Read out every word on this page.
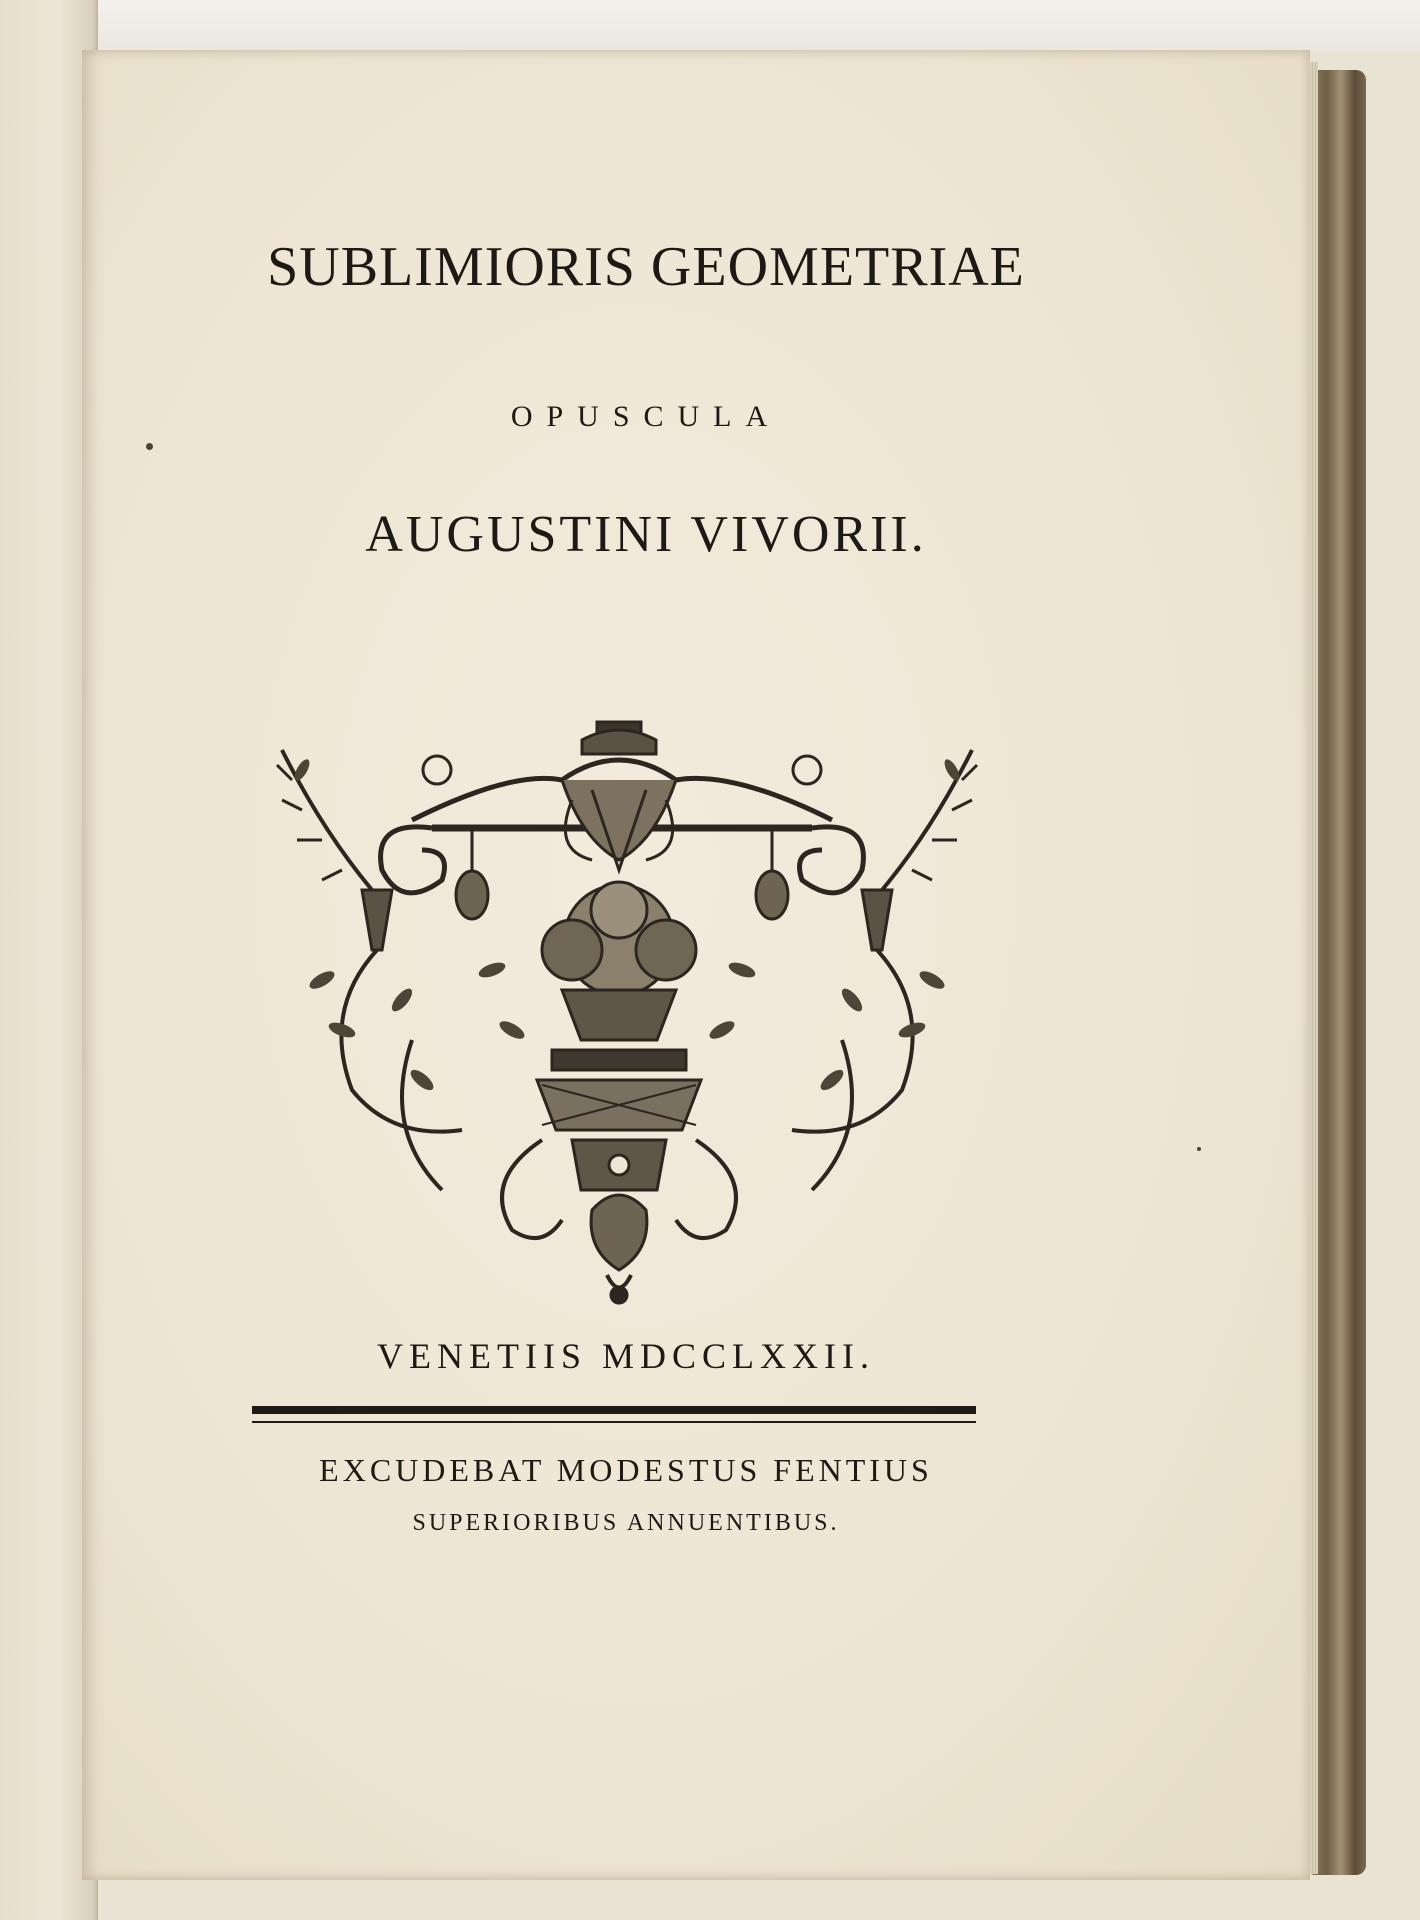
SUBLIMIORIS GEOMETRIAE
OPUSCULA
AUGUSTINI VIVORII.
VENETIIS MDCCLXXII.
EXCUDEBAT MODESTUS FENTIUS
SUPERIORIBUS ANNUENTIBUS.
